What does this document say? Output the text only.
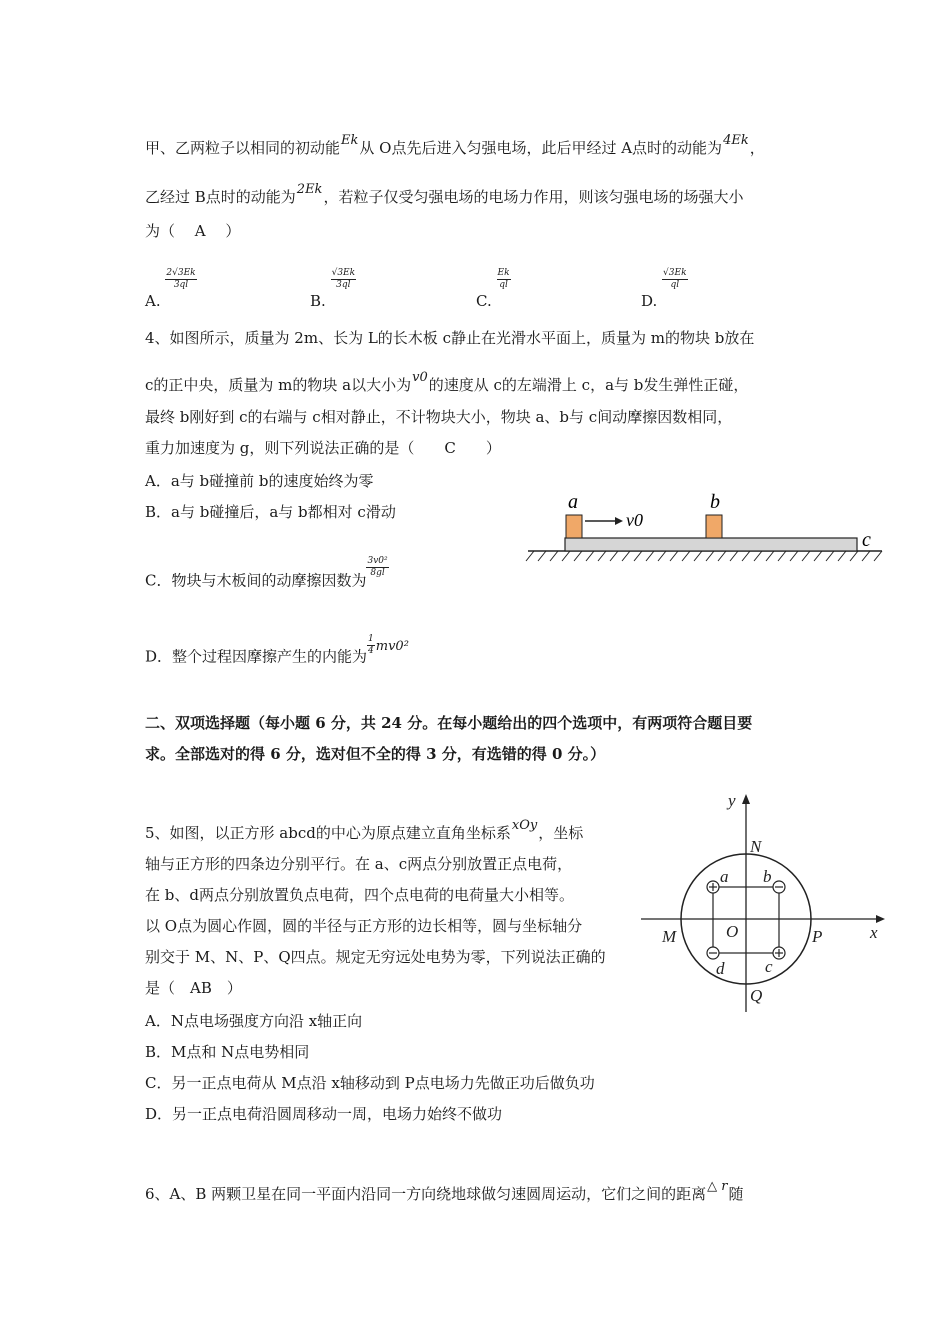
甲、乙两粒子以相同的初动能Ek从 O点先后进入匀强电场，此后甲经过 A点时的动能为4Ek，
乙经过 B点时的动能为2Ek，若粒子仅受匀强电场的电场力作用，则该匀强电场的场强大小
为（　 A　 ）
A.
$\frac{2√3Ek}{3ql}$
B.
$\frac{√3Ek}{3ql}$
C.
$\frac{Ek}{ql}$
D.
$\frac{√3Ek}{ql}$
4、如图所示，质量为 2m、长为 L的长木板 c静止在光滑水平面上，质量为 m的物块 b放在
c的正中央，质量为 m的物块 a以大小为v0的速度从 c的左端滑上 c，a与 b发生弹性正碰，
最终 b刚好到 c的右端与 c相对静止，不计物块大小，物块 a、b与 c间动摩擦因数相同，
重力加速度为 g，则下列说法正确的是（　　C　　）
A．a与 b碰撞前 b的速度始终为零
B．a与 b碰撞后，a与 b都相对 c滑动
C．物块与木板间的动摩擦因数为
$\frac{\text{3v0²}}{8gl}$
D．整个过程因摩擦产生的内能为 $\frac{1}{4} mv0^2$
a	b
c
v0
二、双项选择题（每小题 6 分，共 24 分。在每小题给出的四个选项中，有两项符合题目要
求。全部选对的得 6 分，选对但不全的得 3 分，有选错的得 0 分。）
5、如图，以正方形 abcd的中心为原点建立直角坐标系xOy，坐标
轴与正方形的四条边分别平行。在 a、c两点分别放置正点电荷，
在 b、d两点分别放置负点电荷，四个点电荷的电荷量大小相等。
以 O点为圆心作圆，圆的半径与正方形的边长相等，圆与坐标轴分
别交于 M、N、P、Q四点。规定无穷远处电势为零，下列说法正确的
是（　AB　）
A．N点电场强度方向沿 x轴正向
B．M点和 N点电势相同
C．另一正点电荷从 M点沿 x轴移动到 P点电场力先做正功后做负功
D．另一正点电荷沿圆周移动一周，电场力始终不做功
y
x
N
M	O	P
Q
a b
c
d
6、A、B 两颗卫星在同一平面内沿同一方向绕地球做匀速圆周运动，它们之间的距离△ r随
